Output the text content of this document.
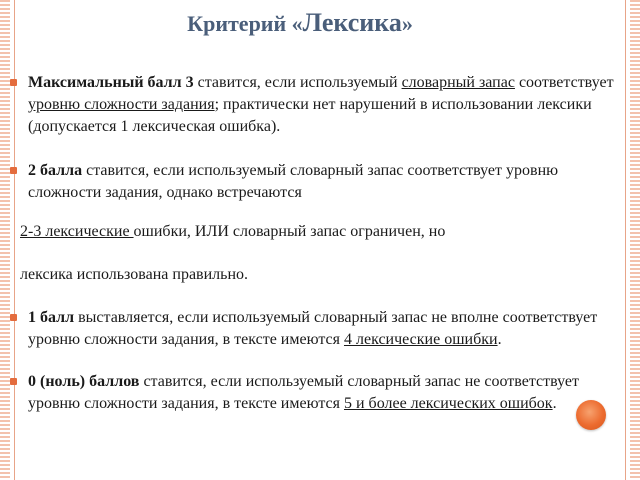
Критерий «Лексика»
Максимальный балл 3 ставится, если используемый словарный запас соответствует уровню сложности задания; практически нет нарушений в использовании лексики (допускается 1 лексическая ошибка).
2 балла ставится, если используемый словарный запас соответствует уровню сложности задания, однако встречаются
2-3 лексические ошибки, ИЛИ словарный запас ограничен, но
лексика использована правильно.
1 балл выставляется, если используемый словарный запас не вполне соответствует уровню сложности задания, в тексте имеются 4 лексические ошибки.
0 (ноль) баллов ставится, если используемый словарный запас не соответствует уровню сложности задания, в тексте имеются 5 и более лексических ошибок.
